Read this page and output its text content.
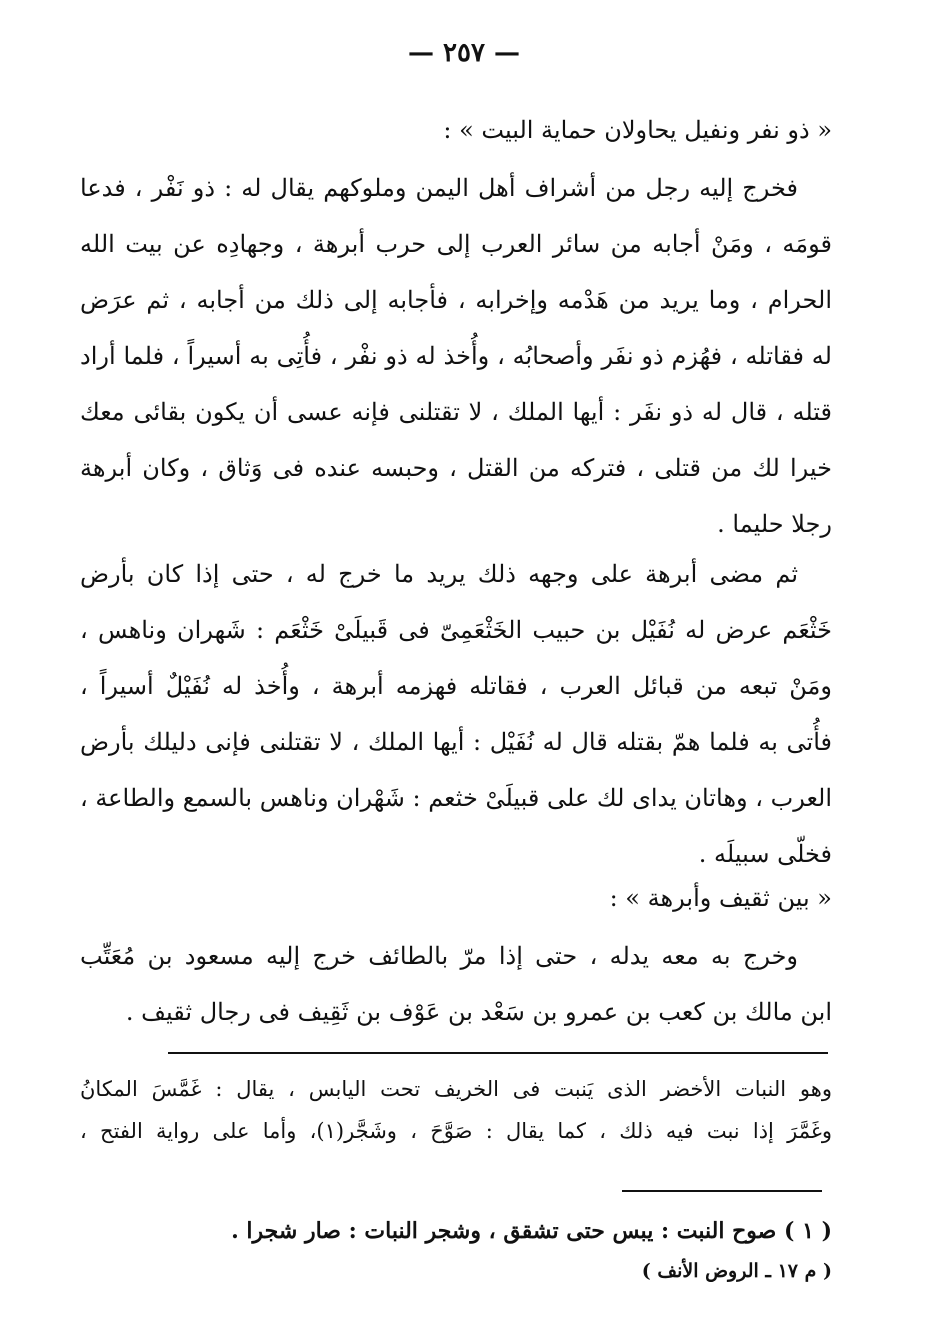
— ٢٥٧ —
« ذو نفر ونفيل يحاولان حماية البيت » :
فخرج إليه رجل من أشراف أهل اليمن وملوكهم يقال له : ذو نَفْر ، فدعا
قومَه ، ومَنْ أجابه من سائر العرب إلى حرب أبرهة ، وجهادِه عن بيت الله
الحرام ، وما يريد من هَدْمه وإخرابه ، فأجابه إلى ذلك من أجابه ، ثم عرَض
له فقاتله ، فهُزم ذو نفَر وأصحابُه ، وأُخذ له ذو نفْر ، فأُتِى به أسيراً ، فلما أراد
قتله ، قال له ذو نفَر : أيها الملك ، لا تقتلنى فإنه عسى أن يكون بقائى معك
خيرا لك من قتلى ، فتركه من القتل ، وحبسه عنده فى وَثاق ، وكان أبرهة
رجلا حليما .
ثم مضى أبرهة على وجهه ذلك يريد ما خرج له ، حتى إذا كان بأرض
خَثْعَم عرض له نُفَيْل بن حبيب الخَثْعَمِىّ فى قَبيلَىْ خَثْعَم : شَهران وناهس ،
ومَنْ تبعه من قبائل العرب ، فقاتله فهزمه أبرهة ، وأُخذ له نُفَيْلٌ أسيراً ،
فأُتى به فلما همّ بقتله قال له نُفَيْل : أيها الملك ، لا تقتلنى فإنى دليلك بأرض
العرب ، وهاتان يداى لك على قبيلَىْ خثعم : شَهْران وناهس بالسمع والطاعة ،
فخلّى سبيلَه .
« بين ثقيف وأبرهة » :
وخرج به معه يدله ، حتى إذا مرّ بالطائف خرج إليه مسعود بن مُعَتِّب
ابن مالك بن كعب بن عمرو بن سَعْد بن عَوْف بن ثَقِيف فى رجال ثقيف .
وهو النبات الأخضر الذى يَنبت فى الخريف تحت اليابس ، يقال : غَمَّسَ المكانُ
وغَمَّرَ إذا نبت فيه ذلك ، كما يقال : صَوَّحَ ، وشَجَّر(١)، وأما على رواية الفتح ،
( ١ ) صوح النبت : يبس حتى تشقق ، وشجر النبات : صار شجرا .
( م ١٧ ـ الروض الأنف )
